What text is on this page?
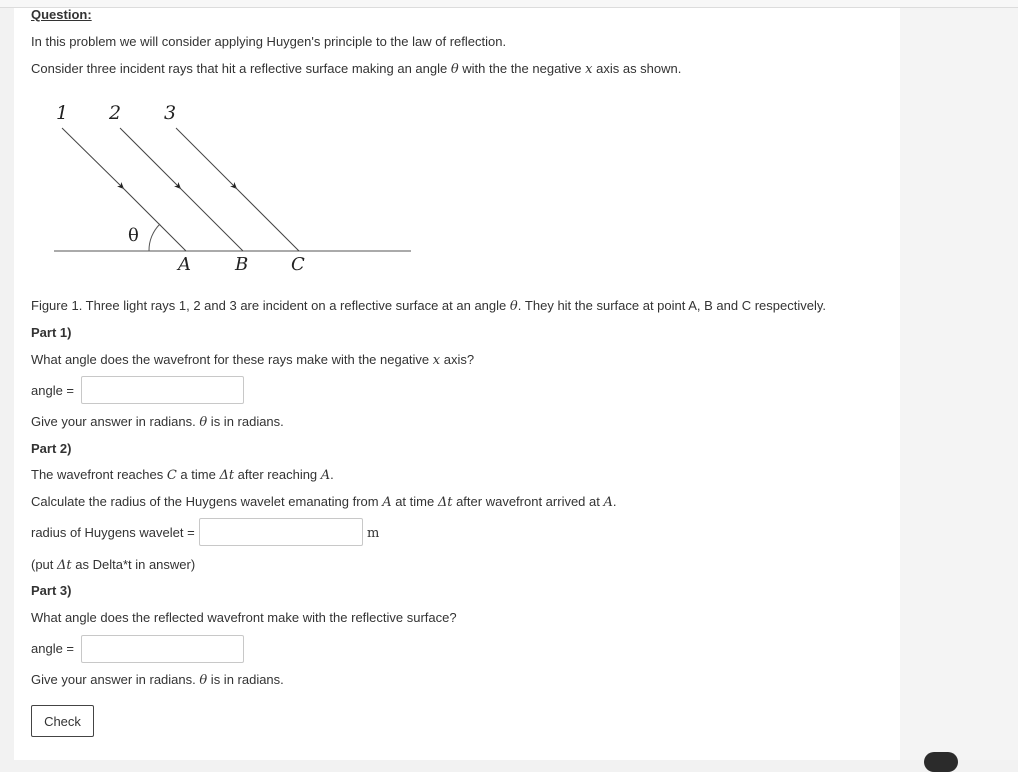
Question:
In this problem we will consider applying Huygen's principle to the law of reflection.
Consider three incident rays that hit a reflective surface making an angle θ with the the negative x axis as shown.
1 2 3
θ
A B C
Figure 1. Three light rays 1, 2 and 3 are incident on a reflective surface at an angle θ. They hit the surface at point A, B and C respectively.
Part 1)
What angle does the wavefront for these rays make with the negative x axis?
angle =
Give your answer in radians. θ is in radians.
Part 2)
The wavefront reaches C a time Δt after reaching A.
Calculate the radius of the Huygens wavelet emanating from A at time Δt after wavefront arrived at A.
radius of Huygens wavelet =	m
(put Δt as Delta*t in answer)
Part 3)
What angle does the reflected wavefront make with the reflective surface?
angle =
Give your answer in radians. θ is in radians.
Check
